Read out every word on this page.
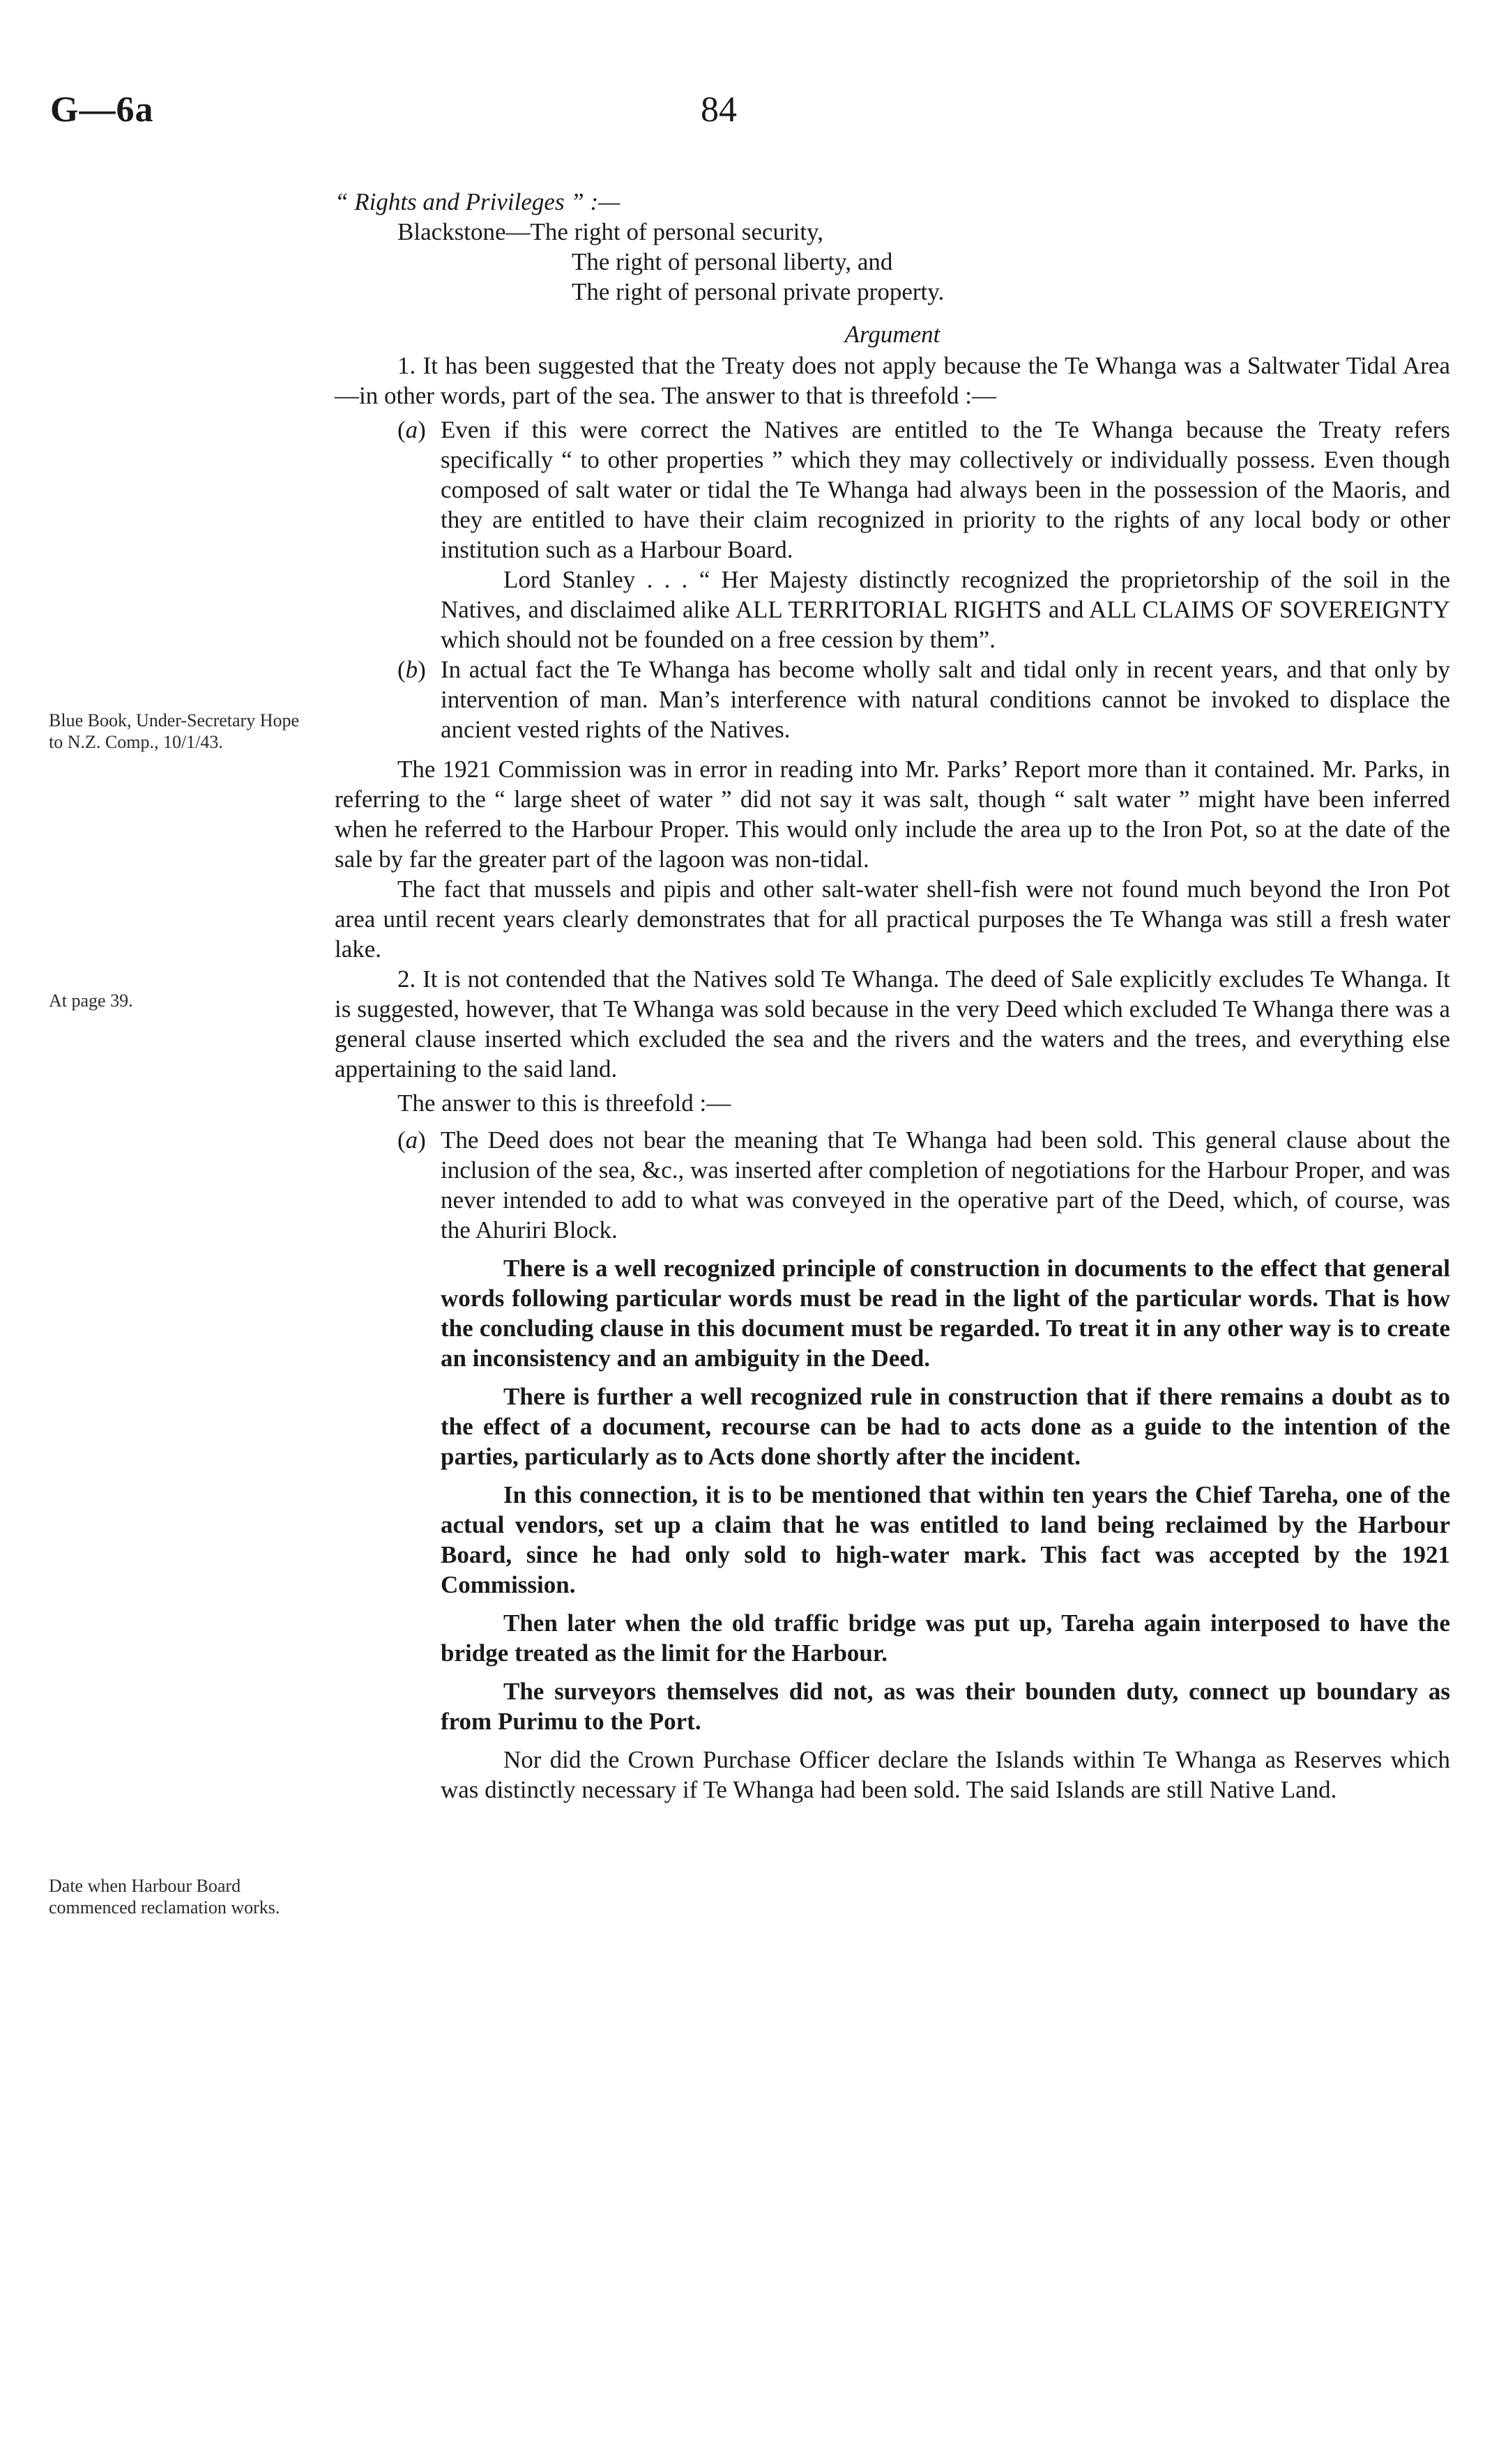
G—6a	84
Blue Book, Under-Secretary Hope to N.Z. Comp., 10/1/43.
At page 39.
Date when Harbour Board commenced reclamation works.

“ Rights and Privileges ” :—

Blackstone—The right of personal security,
The right of personal liberty, and
The right of personal private property.

Argument

1. It has been suggested that the Treaty does not apply because the Te Whanga was a Saltwater Tidal Area—in other words, part of the sea. The answer to that is threefold :—

(a) Even if this were correct the Natives are entitled to the Te Whanga because the Treaty refers specifically “ to other properties ” which they may collectively or individually possess. Even though composed of salt water or tidal the Te Whanga had always been in the possession of the Maoris, and they are entitled to have their claim recognized in priority to the rights of any local body or other institution such as a Harbour Board.

Lord Stanley . . . “ Her Majesty distinctly recognized the proprietorship of the soil in the Natives, and disclaimed alike ALL TERRITORIAL RIGHTS and ALL CLAIMS OF SOVEREIGNTY which should not be founded on a free cession by them”.

(b) In actual fact the Te Whanga has become wholly salt and tidal only in recent years, and that only by intervention of man. Man’s interference with natural conditions cannot be invoked to displace the ancient vested rights of the Natives.

The 1921 Commission was in error in reading into Mr. Parks’ Report more than it contained. Mr. Parks, in referring to the “ large sheet of water ” did not say it was salt, though “ salt water ” might have been inferred when he referred to the Harbour Proper. This would only include the area up to the Iron Pot, so at the date of the sale by far the greater part of the lagoon was non-tidal.

The fact that mussels and pipis and other salt-water shell-fish were not found much beyond the Iron Pot area until recent years clearly demonstrates that for all practical purposes the Te Whanga was still a fresh water lake.

2. It is not contended that the Natives sold Te Whanga. The deed of Sale explicitly excludes Te Whanga. It is suggested, however, that Te Whanga was sold because in the very Deed which excluded Te Whanga there was a general clause inserted which excluded the sea and the rivers and the waters and the trees, and everything else appertaining to the said land.

The answer to this is threefold :—

(a) The Deed does not bear the meaning that Te Whanga had been sold. This general clause about the inclusion of the sea, &c., was inserted after completion of negotiations for the Harbour Proper, and was never intended to add to what was conveyed in the operative part of the Deed, which, of course, was the Ahuriri Block.

There is a well recognized principle of construction in documents to the effect that general words following particular words must be read in the light of the particular words. That is how the concluding clause in this document must be regarded. To treat it in any other way is to create an inconsistency and an ambiguity in the Deed.

There is further a well recognized rule in construction that if there remains a doubt as to the effect of a document, recourse can be had to acts done as a guide to the intention of the parties, particularly as to Acts done shortly after the incident.

In this connection, it is to be mentioned that within ten years the Chief Tareha, one of the actual vendors, set up a claim that he was entitled to land being reclaimed by the Harbour Board, since he had only sold to high-water mark. This fact was accepted by the 1921 Commission.

Then later when the old traffic bridge was put up, Tareha again interposed to have the bridge treated as the limit for the Harbour.

The surveyors themselves did not, as was their bounden duty, connect up boundary as from Purimu to the Port.

Nor did the Crown Purchase Officer declare the Islands within Te Whanga as Reserves which was distinctly necessary if Te Whanga had been sold. The said Islands are still Native Land.
